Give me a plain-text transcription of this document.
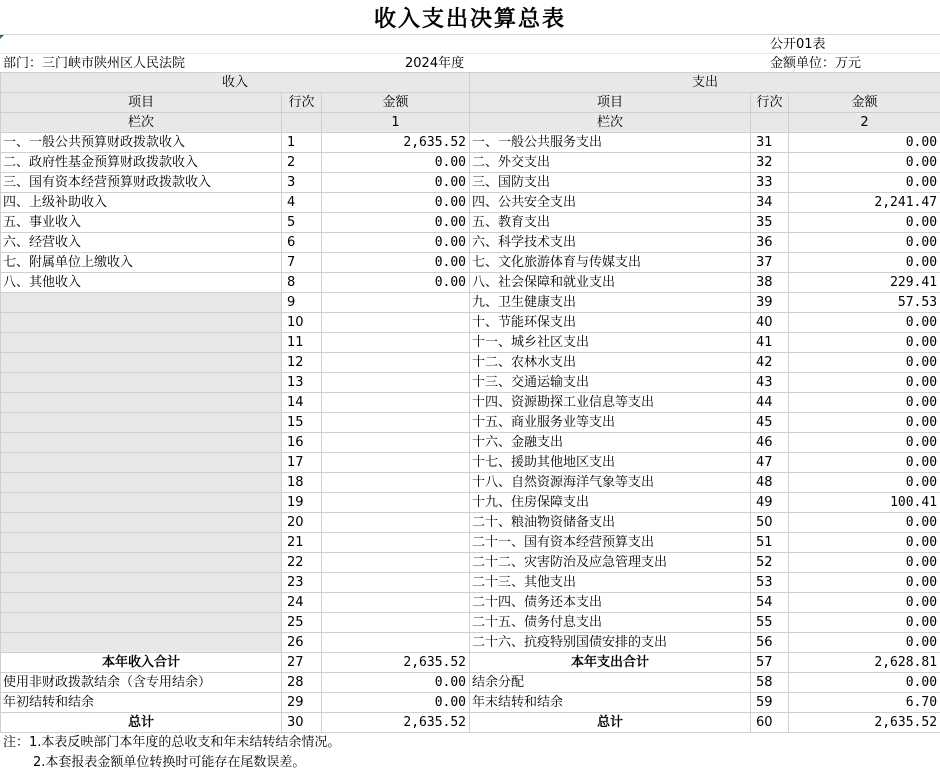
收入支出决算总表
公开01表
部门：三门峡市陕州区人民法院	2024年度	金额单位：万元
收入			支出		
项目	行次	金额	项目	行次	金额
栏次		1	栏次		2
一、一般公共预算财政拨款收入	1	2,635.52	一、一般公共服务支出	31	0.00
二、政府性基金预算财政拨款收入	2	0.00	二、外交支出	32	0.00
三、国有资本经营预算财政拨款收入	3	0.00	三、国防支出	33	0.00
四、上级补助收入	4	0.00	四、公共安全支出	34	2,241.47
五、事业收入	5	0.00	五、教育支出	35	0.00
六、经营收入	6	0.00	六、科学技术支出	36	0.00
七、附属单位上缴收入	7	0.00	七、文化旅游体育与传媒支出	37	0.00
八、其他收入	8	0.00	八、社会保障和就业支出	38	229.41
	9		九、卫生健康支出	39	57.53
	10		十、节能环保支出	40	0.00
	11		十一、城乡社区支出	41	0.00
	12		十二、农林水支出	42	0.00
	13		十三、交通运输支出	43	0.00
	14		十四、资源勘探工业信息等支出	44	0.00
	15		十五、商业服务业等支出	45	0.00
	16		十六、金融支出	46	0.00
	17		十七、援助其他地区支出	47	0.00
	18		十八、自然资源海洋气象等支出	48	0.00
	19		十九、住房保障支出	49	100.41
	20		二十、粮油物资储备支出	50	0.00
	21		二十一、国有资本经营预算支出	51	0.00
	22		二十二、灾害防治及应急管理支出	52	0.00
	23		二十三、其他支出	53	0.00
	24		二十四、债务还本支出	54	0.00
	25		二十五、债务付息支出	55	0.00
	26		二十六、抗疫特别国债安排的支出	56	0.00
本年收入合计	27	2,635.52	本年支出合计	57	2,628.81
使用非财政拨款结余（含专用结余）	28	0.00	结余分配	58	0.00
年初结转和结余	29	0.00	年末结转和结余	59	6.70
总计	30	2,635.52	总计	60	2,635.52
注：1.本表反映部门本年度的总收支和年末结转结余情况。
2.本套报表金额单位转换时可能存在尾数误差。
